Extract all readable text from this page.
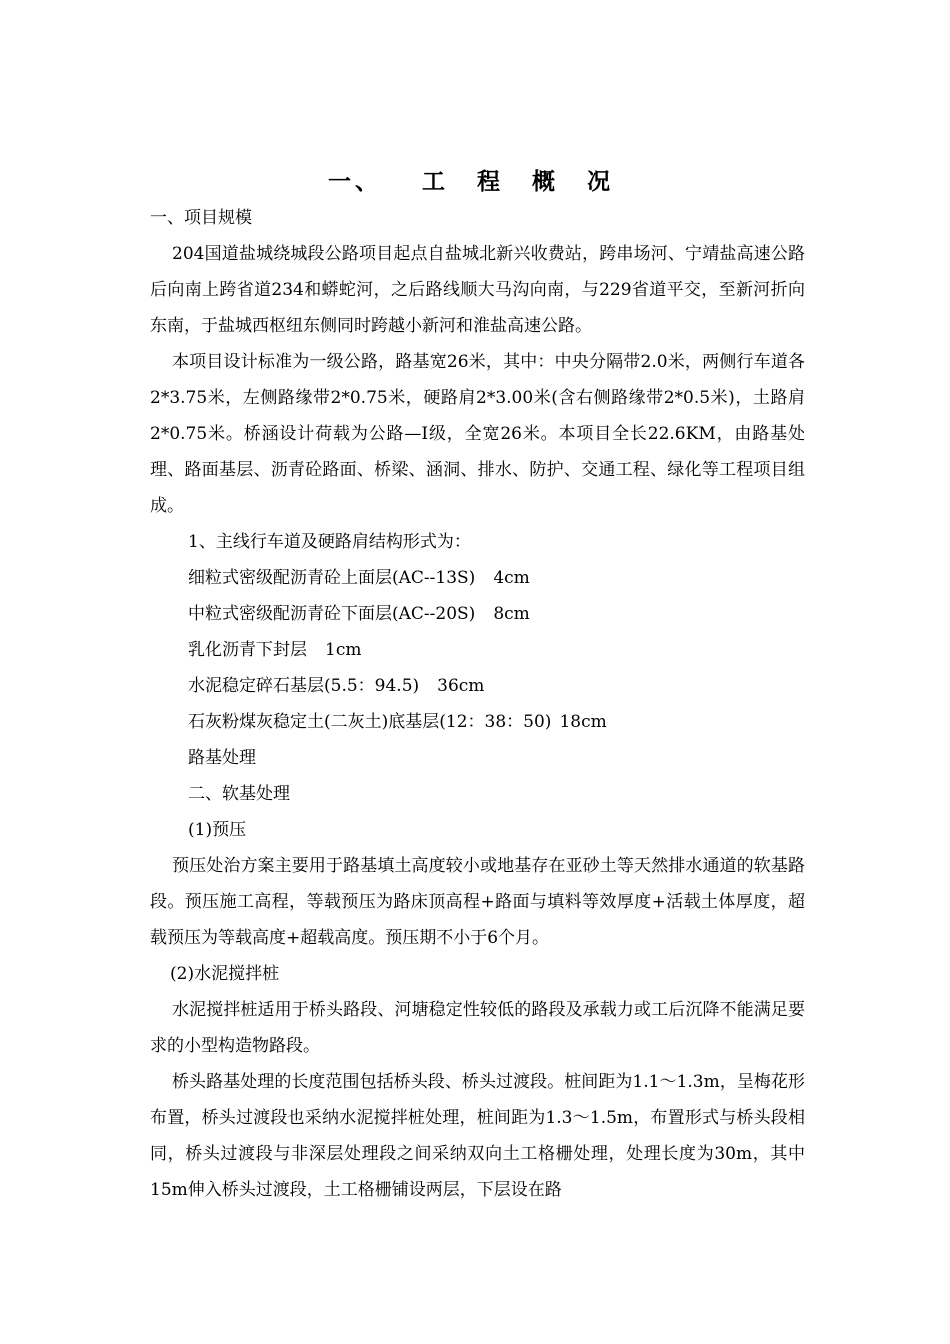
一、 工 程 概 况

一、项目规模

204国道盐城绕城段公路项目起点自盐城北新兴收费站，跨串场河、宁靖盐高速公路后向南上跨省道234和蟒蛇河，之后路线顺大马沟向南，与229省道平交，至新河折向东南，于盐城西枢纽东侧同时跨越小新河和淮盐高速公路。

本项目设计标准为一级公路，路基宽26米，其中：中央分隔带2.0米，两侧行车道各2*3.75米，左侧路缘带2*0.75米，硬路肩2*3.00米(含右侧路缘带2*0.5米)，土路肩2*0.75米。桥涵设计荷载为公路—I级，全宽26米。本项目全长22.6KM，由路基处理、路面基层、沥青砼路面、桥梁、涵洞、排水、防护、交通工程、绿化等工程项目组成。

1、主线行车道及硬路肩结构形式为：

细粒式密级配沥青砼上面层(AC--13S) 4cm

中粒式密级配沥青砼下面层(AC--20S) 8cm

乳化沥青下封层 1cm

水泥稳定碎石基层(5.5：94.5) 36cm

石灰粉煤灰稳定土(二灰土)底基层(12：38：50) 18cm

路基处理

二、软基处理

(1)预压

预压处治方案主要用于路基填土高度较小或地基存在亚砂土等天然排水通道的软基路段。预压施工高程，等载预压为路床顶高程+路面与填料等效厚度+活载土体厚度，超载预压为等载高度+超载高度。预压期不小于6个月。

(2)水泥搅拌桩

水泥搅拌桩适用于桥头路段、河塘稳定性较低的路段及承载力或工后沉降不能满足要求的小型构造物路段。

桥头路基处理的长度范围包括桥头段、桥头过渡段。桩间距为1.1～1.3m，呈梅花形布置，桥头过渡段也采纳水泥搅拌桩处理，桩间距为1.3～1.5m，布置形式与桥头段相同，桥头过渡段与非深层处理段之间采纳双向土工格栅处理，处理长度为30m，其中15m伸入桥头过渡段，土工格栅铺设两层，下层设在路
